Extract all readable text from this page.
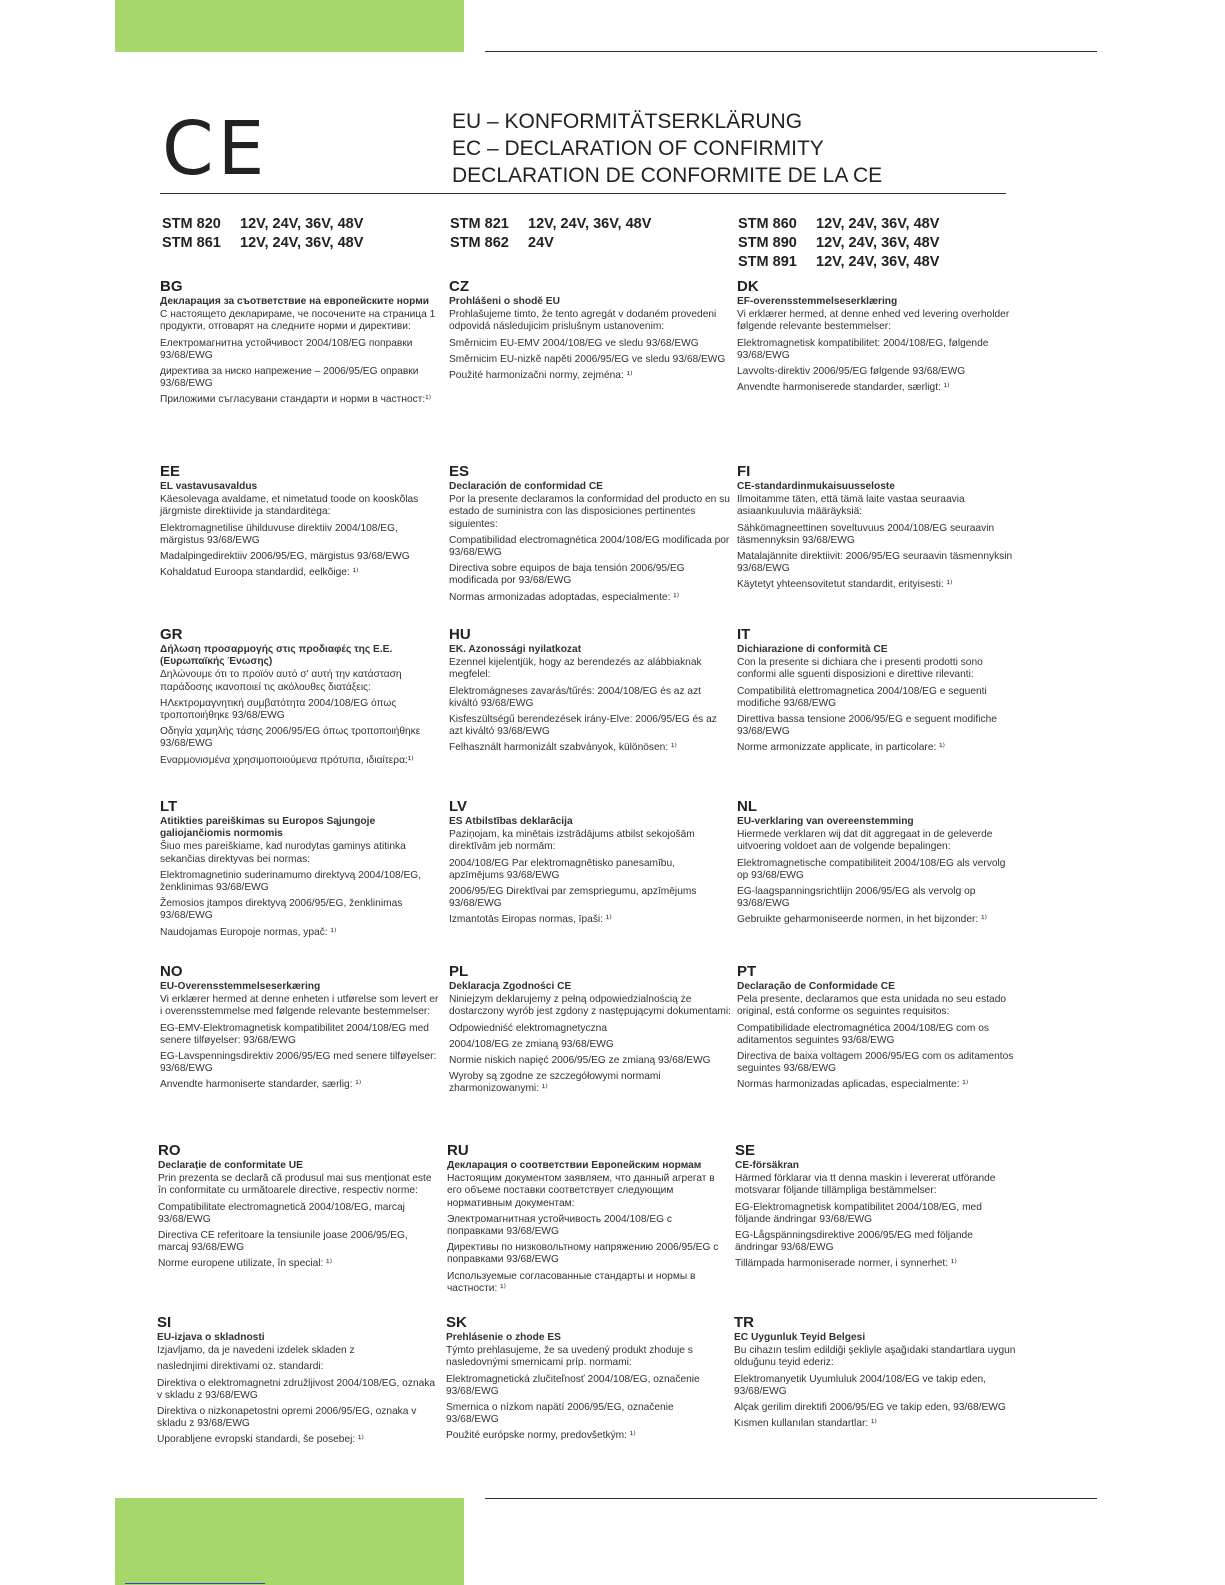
CE	EU – KONFORMITÄTSERKLÄRUNG
EC – DECLARATION OF CONFIRMITY
DECLARATION DE CONFORMITE DE LA CE
STM 820 12V, 24V, 36V, 48V
STM 861 12V, 24V, 36V, 48V
STM 821 12V, 24V, 36V, 48V
STM 862 24V
STM 860 12V, 24V, 36V, 48V
STM 890 12V, 24V, 36V, 48V
STM 891 12V, 24V, 36V, 48V
BG
Декларация за съответствие на европейските норми

С настоящето декларираме, че посочените на страница 1 продукти, отговарят на следните норми и директиви:

Електромагнитна устойчивост 2004/108/EG поправки 93/68/EWG

директива за ниско напрежение – 2006/95/EG оправки 93/68/EWG

Приложими съгласувани стандарти и норми в частност:¹⁾

CZ
Prohlášeni o shodě EU

Prohlašujeme timto, že tento agregát v dodaném provedeni odpovidá následujicim prislušnym ustanovenim:

Směrnicim EU-EMV 2004/108/EG ve sledu 93/68/EWG

Směrnicim EU-nizkě napěti 2006/95/EG ve sledu 93/68/EWG

Použité harmonizačni normy, zejména: ¹⁾

DK
EF-overensstemmelseserklæring

Vi erklærer hermed, at denne enhed ved levering overholder følgende relevante bestemmelser:

Elektromagnetisk kompatibilitet: 2004/108/EG, følgende 93/68/EWG

Lavvolts-direktiv 2006/95/EG følgende 93/68/EWG

Anvendte harmoniserede standarder, særligt: ¹⁾

EE
EL vastavusavaldus

Käesolevaga avaldame, et nimetatud toode on kooskõlas järgmiste direktiivide ja standarditega:

Elektromagnetilise ühilduvuse direktiiv 2004/108/EG, märgistus 93/68/EWG

Madalpingedirektiiv 2006/95/EG, märgistus 93/68/EWG

Kohaldatud Euroopa standardid, eelkõige: ¹⁾

ES
Declaración de conformidad CE

Por la presente declaramos la conformidad del producto en su estado de suministra con las disposiciones pertinentes siguientes:

Compatibilidad electromagnética 2004/108/EG modificada por 93/68/EWG

Directiva sobre equipos de baja tensión 2006/95/EG modificada por 93/68/EWG

Normas armonizadas adoptadas, especialmente: ¹⁾

FI
CE-standardinmukaisuusseloste

Ilmoitamme täten, että tämä laite vastaa seuraavia asiaankuuluvia määräyksiä:

Sähkömagneettinen soveltuvuus 2004/108/EG seuraavin täsmennyksin 93/68/EWG

Matalajännite direktiivit: 2006/95/EG seuraavin täsmennyksin 93/68/EWG

Käytetyt yhteensovitetut standardit, erityisesti: ¹⁾

GR
Δήλωση προσαρμογής στις προδιαφές της Ε.Ε. (Ευρωπαϊκής Ένωσης)

Δηλώνουμε ότι το προϊόν αυτό σ' αυτή την κατάσταση παράδοσης ικανοποιεί τις ακόλουθες διατάξεις:

ΗΛεκτρομαγνητική συμβατότητα 2004/108/EG όπως τροποποιήθηκε 93/68/EWG

Οδηγία χαμηλής τάσης 2006/95/EG όπως τροποποιήθηκε 93/68/EWG

Εναρμονισμένα χρησιμοποιούμενα πρότυπα, ιδιαίτερα:¹⁾

HU
EK. Azonossági nyilatkozat

Ezennel kijelentjük, hogy az berendezés az alábbiaknak megfelel:

Elektromágneses zavarás/tűrés: 2004/108/EG és az azt kiváltó 93/68/EWG

Kisfeszültségű berendezések irány-Elve: 2006/95/EG és az azt kiváltó 93/68/EWG

Felhasznált harmonizált szabványok, különösen: ¹⁾

IT
Dichiarazione di conformità CE

Con la presente si dichiara che i presenti prodotti sono conformi alle sguenti disposizioni e direttive rilevanti:

Compatibilità elettromagnetica 2004/108/EG e seguenti modifiche 93/68/EWG

Direttiva bassa tensione 2006/95/EG e seguent modifiche 93/68/EWG

Norme armonizzate applicate, in particolare: ¹⁾

LT
Atitikties pareiškimas su Europos Sąjungoje galiojančiomis normomis

Šiuo mes pareiškiame, kad nurodytas gaminys atitinka sekančias direktyvas bei normas:

Elektromagnetinio suderinamumo direktyvą 2004/108/EG, ženklinimas 93/68/EWG

Žemosios įtampos direktyvą 2006/95/EG, ženklinimas 93/68/EWG

Naudojamas Europoje normas, ypač: ¹⁾

LV
ES Atbilstības deklarācija

Paziņojam, ka minētais izstrādājums atbilst sekojošām direktīvām jeb normām:

2004/108/EG Par elektromagnētisko panesamību, apzīmējums 93/68/EWG

2006/95/EG Direktīvai par zemspriegumu, apzīmējums 93/68/EWG

Izmantotās Eiropas normas, īpaši: ¹⁾

NL
EU-verklaring van overeenstemming

Hiermede verklaren wij dat dit aggregaat in de geleverde uitvoering voldoet aan de volgende bepalingen:

Elektromagnetische compatibiliteit 2004/108/EG als vervolg op 93/68/EWG

EG-laagspanningsrichtlijn 2006/95/EG als vervolg op 93/68/EWG

Gebruikte geharmoniseerde normen, in het bijzonder: ¹⁾

NO
EU-Overensstemmelseserkæring

Vi erklærer hermed at denne enheten i utførelse som levert er i overensstemmelse med følgende relevante bestemmelser:

EG-EMV-Elektromagnetisk kompatibilitet 2004/108/EG med senere tilføyelser: 93/68/EWG

EG-Lavspenningsdirektiv 2006/95/EG med senere tilføyelser: 93/68/EWG

Anvendte harmoniserte standarder, særlig: ¹⁾

PL
Deklaracja Zgodności CE

Niniejzym deklarujemy z pełną odpowiedzialnością że dostarczony wyrób jest zgdony z następującymi dokumentami:

Odpowiedniść elektromagnetyczna

2004/108/EG ze zmianą 93/68/EWG

Normie niskich napięć 2006/95/EG ze zmianą 93/68/EWG

Wyroby są zgodne ze szczegółowymi normami zharmonizowanymi: ¹⁾

PT
Declaração de Conformidade CE

Pela presente, declaramos que esta unidada no seu estado original, está conforme os seguintes requisitos:

Compatibilidade electromagnética 2004/108/EG com os aditamentos seguintes 93/68/EWG

Directiva de baixa voltagem 2006/95/EG com os aditamentos seguintes 93/68/EWG

Normas harmonizadas aplicadas, especialmente: ¹⁾

RO
Declarație de conformitate UE

Prin prezenta se declară că produsul mai sus menționat este în conformitate cu următoarele directive, respectiv norme:

Compatibilitate electromagnetică 2004/108/EG, marcaj 93/68/EWG

Directiva CE referitoare la tensiunile joase 2006/95/EG, marcaj 93/68/EWG

Norme europene utilizate, în special: ¹⁾

RU
Декларация о соответствии Европейским нормам

Настоящим документом заявляем, что данный агрегат в его объеме поставки соответствует следующим нормативным документам:

Электромагнитная устойчивость 2004/108/EG с поправками 93/68/EWG

Директивы по низковольтному напряжению 2006/95/EG с поправками 93/68/EWG

Используемые согласованные стандарты и нормы в частности: ¹⁾

SE
CE-försäkran

Härmed förklarar via tt denna maskin i levererat utförande motsvarar följande tillämpliga bestämmelser:

EG-Elektromagnetisk kompatibilitet 2004/108/EG, med följande ändringar 93/68/EWG

EG-Lågspänningsdirektive 2006/95/EG med följande ändringar 93/68/EWG

Tillämpada harmoniserade normer, i synnerhet: ¹⁾

SI
EU-izjava o skladnosti

Izjavljamo, da je navedeni izdelek skladen z

naslednjimi direktivami oz. standardi:

Direktiva o elektromagnetni združljivost 2004/108/EG, oznaka v skladu z 93/68/EWG

Direktiva o nizkonapetostni opremi 2006/95/EG, oznaka v skladu z 93/68/EWG

Uporabljene evropski standardi, še posebej: ¹⁾

SK
Prehlásenie o zhode ES

Týmto prehlasujeme, že sa uvedený produkt zhoduje s nasledovnými smernicami príp. normami:

Elektromagnetická zlučiteľnosť 2004/108/EG, označenie 93/68/EWG

Smernica o nízkom napätí 2006/95/EG, označenie 93/68/EWG

Použité európske normy, predovšetkým: ¹⁾

TR
EC Uygunluk Teyid Belgesi

Bu cihazın teslim edildiği şekliyle aşağıdaki standartlara uygun olduğunu teyid ederiz:

Elektromanyetik Uyumluluk 2004/108/EG ve takip eden, 93/68/EWG

Alçak gerilim direktifi 2006/95/EG ve takip eden, 93/68/EWG

Kısmen kullanılan standartlar: ¹⁾
